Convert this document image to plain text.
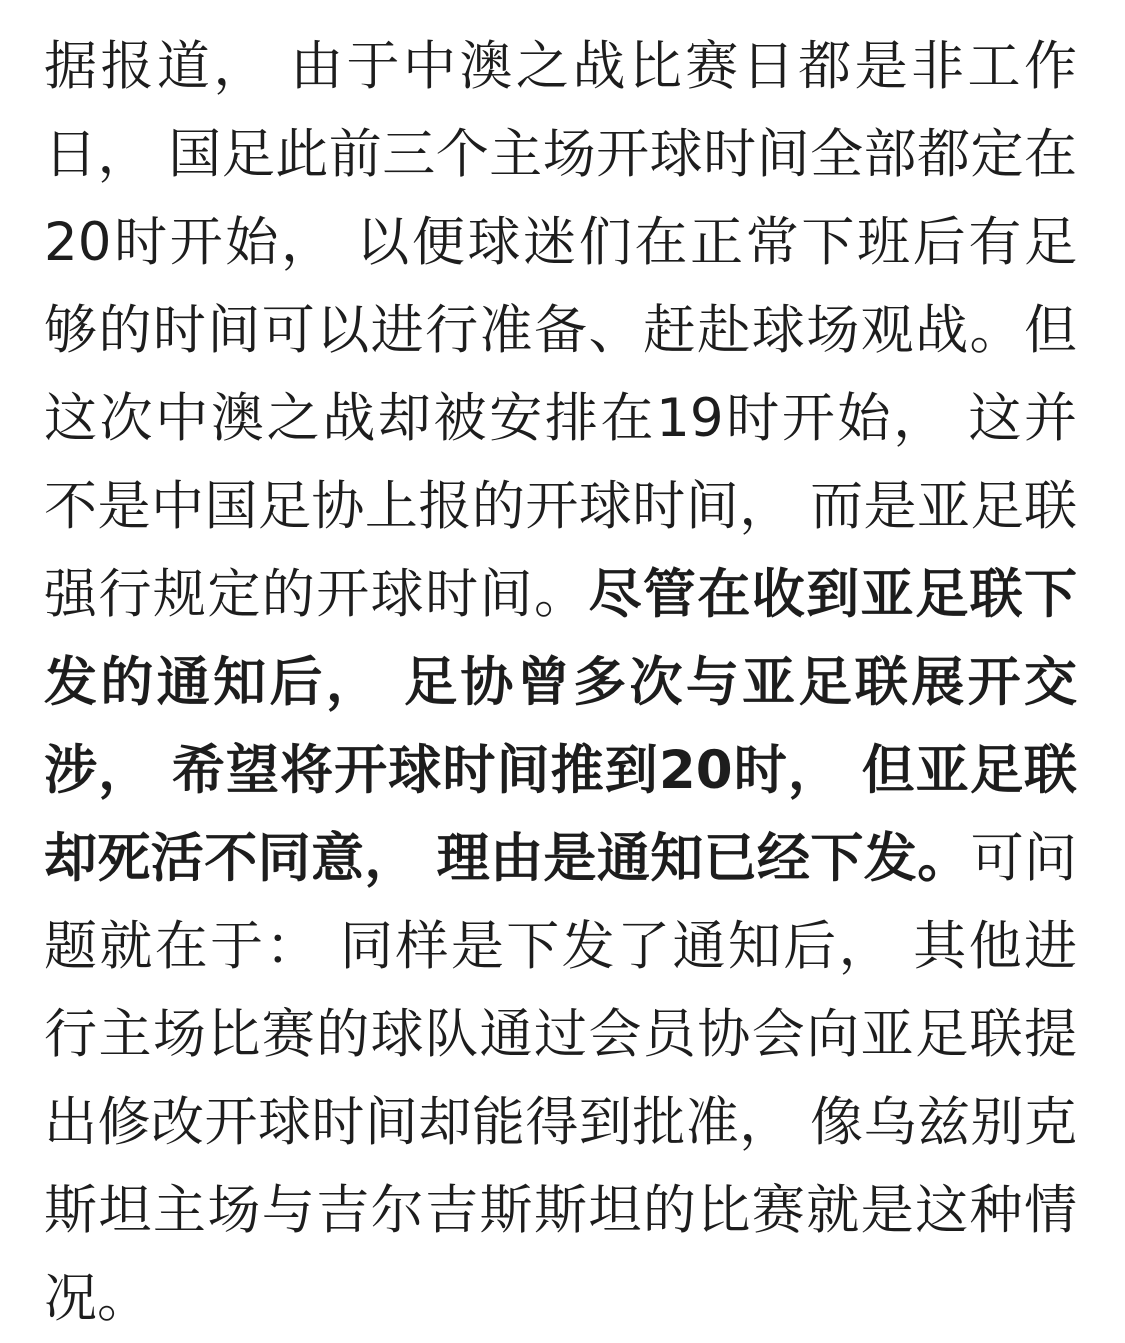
据报道， 由于中澳之战比赛日都是非工作日， 国足此前三个主场开球时间全部都定在20时开始， 以便球迷们在正常下班后有足够的时间可以进行准备、赶赴球场观战。但这次中澳之战却被安排在19时开始， 这并不是中国足协上报的开球时间， 而是亚足联强行规定的开球时间。尽管在收到亚足联下发的通知后， 足协曾多次与亚足联展开交涉， 希望将开球时间推到20时， 但亚足联却死活不同意， 理由是通知已经下发。可问题就在于： 同样是下发了通知后， 其他进行主场比赛的球队通过会员协会向亚足联提出修改开球时间却能得到批准， 像乌兹别克斯坦主场与吉尔吉斯斯坦的比赛就是这种情况。
